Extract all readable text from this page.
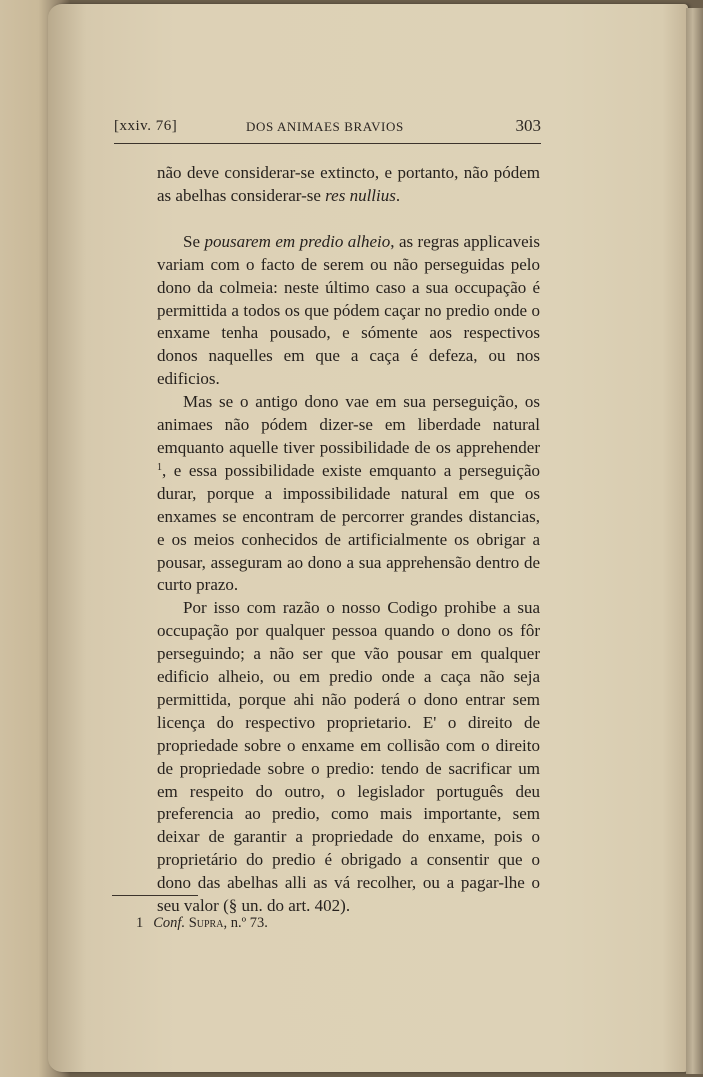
[xxiv. 76]	DOS ANIMAES BRAVIOS	303

não deve considerar-se extincto, e portanto, não pódem as abelhas considerar-se res nullius.

Se pousarem em predio alheio, as regras applicaveis variam com o facto de serem ou não perseguidas pelo dono da colmeia: neste último caso a sua occupação é permittida a todos os que pódem caçar no predio onde o enxame tenha pousado, e sómente aos respectivos donos naquelles em que a caça é defeza, ou nos edificios.

Mas se o antigo dono vae em sua perseguição, os animaes não pódem dizer-se em liberdade natural emquanto aquelle tiver possibilidade de os apprehender $^1$, e essa possibilidade existe emquanto a perseguição durar, porque a impossibilidade natural em que os enxames se encontram de percorrer grandes distancias, e os meios conhecidos de artificialmente os obrigar a pousar, asseguram ao dono a sua apprehensão dentro de curto prazo.

Por isso com razão o nosso Codigo prohibe a sua occupação por qualquer pessoa quando o dono os fôr perseguindo; a não ser que vão pousar em qualquer edificio alheio, ou em predio onde a caça não seja permittida, porque ahi não poderá o dono entrar sem licença do respectivo proprietario. E' o direito de propriedade sobre o enxame em collisão com o direito de propriedade sobre o predio: tendo de sacrificar um em respeito do outro, o legislador português deu preferencia ao predio, como mais importante, sem deixar de garantir a propriedade do enxame, pois o proprietário do predio é obrigado a consentir que o dono das abelhas alli as vá recolher, ou a pagar-lhe o seu valor (§ un. do art. 402).

1 Conf. Supra, n.º 73.
